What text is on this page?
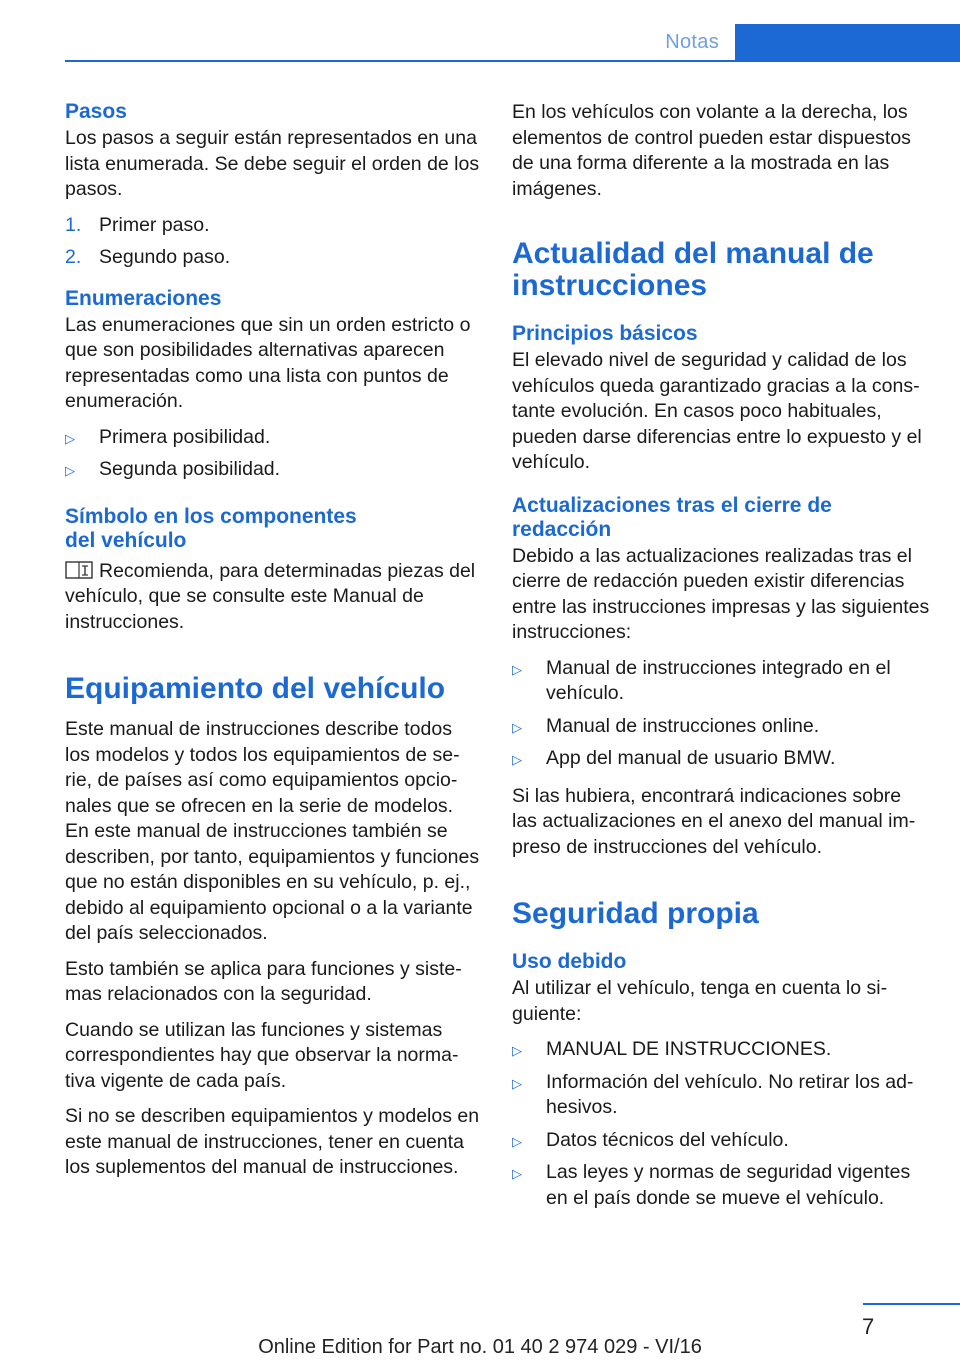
Notas
Pasos

Los pasos a seguir están representados en una lista enumerada. Se debe seguir el orden de los pasos.

1. Primer paso.
2. Segundo paso.
Enumeraciones

Las enumeraciones que sin un orden estricto o que son posibilidades alternativas aparecen representadas como una lista con puntos de enumeración.

▷ Primera posibilidad.
▷ Segunda posibilidad.
Símbolo en los componentes
del vehículo

Recomienda, para determinadas piezas del vehículo, que se consulte este Manual de instrucciones.

Equipamiento del vehículo

Este manual de instrucciones describe todos los modelos y todos los equipamientos de serie, de países así como equipamientos opcionales que se ofrecen en la serie de modelos. En este manual de instrucciones también se describen, por tanto, equipamientos y funciones que no están disponibles en su vehículo, p. ej., debido al equipamiento opcional o a la variante del país seleccionados.

Esto también se aplica para funciones y sistemas relacionados con la seguridad.

Cuando se utilizan las funciones y sistemas correspondientes hay que observar la normativa vigente de cada país.

Si no se describen equipamientos y modelos en este manual de instrucciones, tener en cuenta los suplementos del manual de instrucciones.

En los vehículos con volante a la derecha, los elementos de control pueden estar dispuestos de una forma diferente a la mostrada en las imágenes.

Actualidad del manual de instrucciones
Principios básicos

El elevado nivel de seguridad y calidad de los vehículos queda garantizado gracias a la constante evolución. En casos poco habituales, pueden darse diferencias entre lo expuesto y el vehículo.

Actualizaciones tras el cierre de redacción

Debido a las actualizaciones realizadas tras el cierre de redacción pueden existir diferencias entre las instrucciones impresas y las siguientes instrucciones:

▷ Manual de instrucciones integrado en el vehículo.
▷ Manual de instrucciones online.
▷ App del manual de usuario BMW.

Si las hubiera, encontrará indicaciones sobre las actualizaciones en el anexo del manual impreso de instrucciones del vehículo.

Seguridad propia
Uso debido

Al utilizar el vehículo, tenga en cuenta lo siguiente:

▷ MANUAL DE INSTRUCCIONES.
▷ Información del vehículo. No retirar los adhesivos.
▷ Datos técnicos del vehículo.
▷ Las leyes y normas de seguridad vigentes en el país donde se mueve el vehículo.
7
Online Edition for Part no. 01 40 2 974 029 - VI/16
